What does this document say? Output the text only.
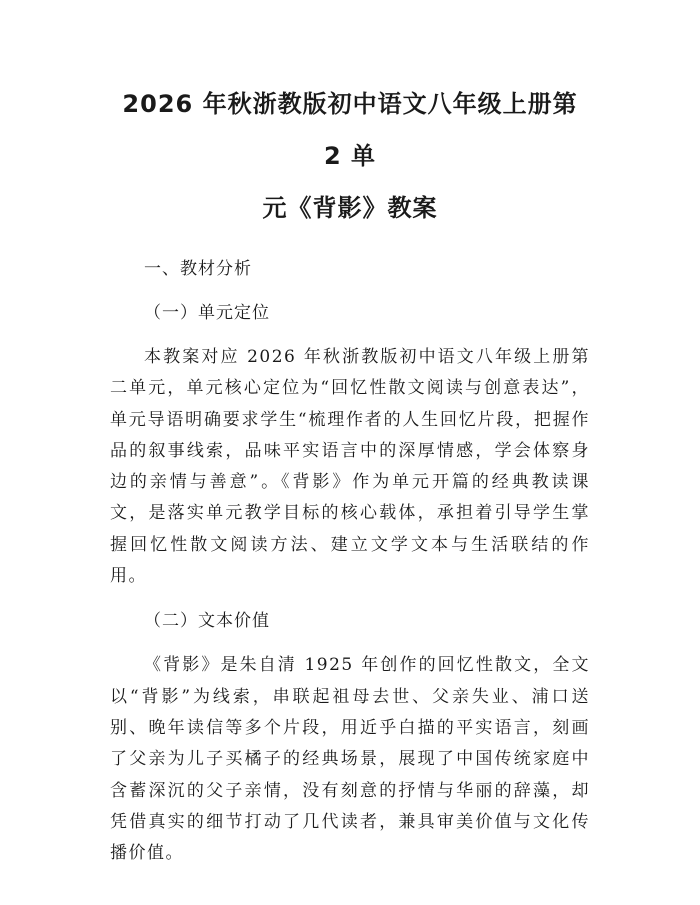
2026 年秋浙教版初中语文八年级上册第 2 单
元《背影》教案

一、教材分析

（一）单元定位

本教案对应 2026 年秋浙教版初中语文八年级上册第二单元，单元核心定位为“回忆性散文阅读与创意表达”，单元导语明确要求学生“梳理作者的人生回忆片段，把握作品的叙事线索，品味平实语言中的深厚情感，学会体察身边的亲情与善意”。《背影》作为单元开篇的经典教读课文，是落实单元教学目标的核心载体，承担着引导学生掌握回忆性散文阅读方法、建立文学文本与生活联结的作用。

（二）文本价值

《背影》是朱自清 1925 年创作的回忆性散文，全文以“背影”为线索，串联起祖母去世、父亲失业、浦口送别、晚年读信等多个片段，用近乎白描的平实语言，刻画了父亲为儿子买橘子的经典场景，展现了中国传统家庭中含蓄深沉的父子亲情，没有刻意的抒情与华丽的辞藻，却凭借真实的细节打动了几代读者，兼具审美价值与文化传播价值。
